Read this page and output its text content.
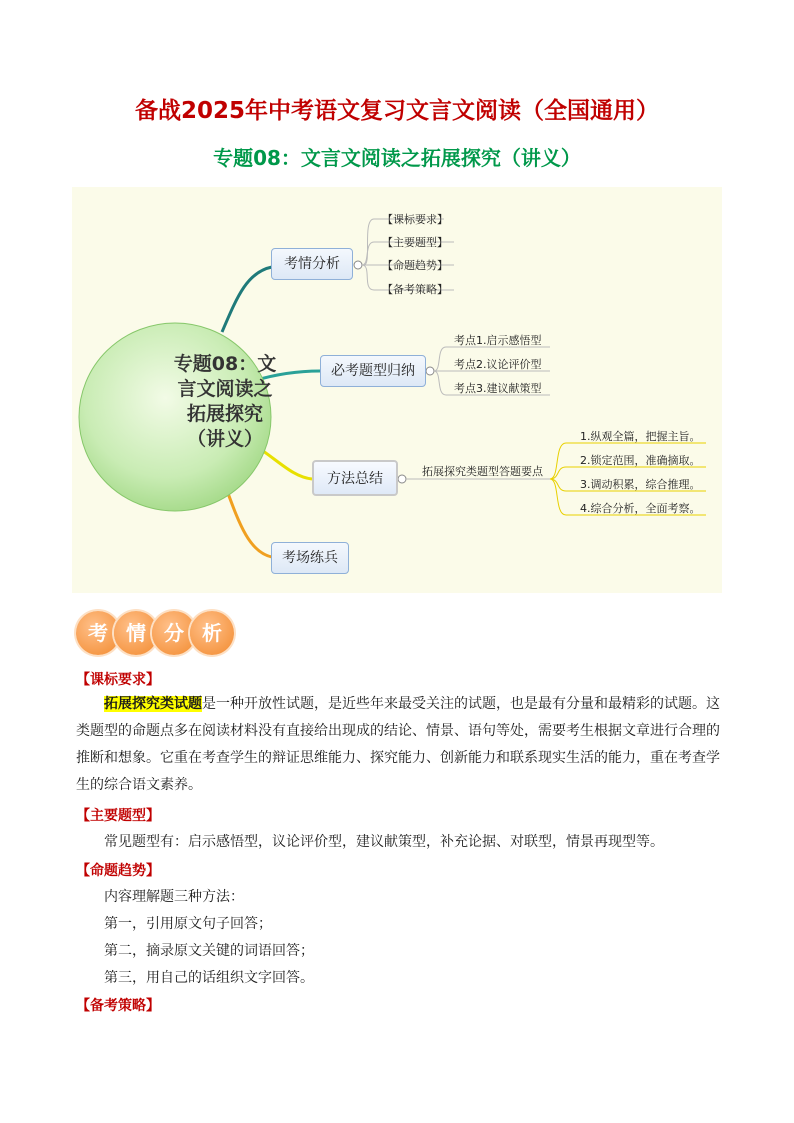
备战2025年中考语文复习文言文阅读（全国通用）
专题08：文言文阅读之拓展探究（讲义）
专题08：文
言文阅读之
拓展探究
（讲义）
考情分析
【课标要求】
【主要题型】
【命题趋势】
【备考策略】
必考题型归纳
考点1.启示感悟型
考点2.议论评价型
考点3.建议献策型
方法总结	拓展探究类题型答题要点
1.纵观全篇，把握主旨。
2.锁定范围，准确摘取。
3.调动积累，综合推理。
4.综合分析，全面考察。
考场练兵
考 情 分 析
【课标要求】
拓展探究类试题是一种开放性试题，是近些年来最受关注的试题，也是最有分量和最精彩的试题。这类题型的命题点多在阅读材料没有直接给出现成的结论、情景、语句等处，需要考生根据文章进行合理的推断和想象。它重在考查学生的辩证思维能力、探究能力、创新能力和联系现实生活的能力，重在考查学生的综合语文素养。
【主要题型】
常见题型有：启示感悟型，议论评价型，建议献策型，补充论据、对联型，情景再现型等。
【命题趋势】
内容理解题三种方法：
第一，引用原文句子回答；
第二，摘录原文关键的词语回答；
第三，用自己的话组织文字回答。
【备考策略】
